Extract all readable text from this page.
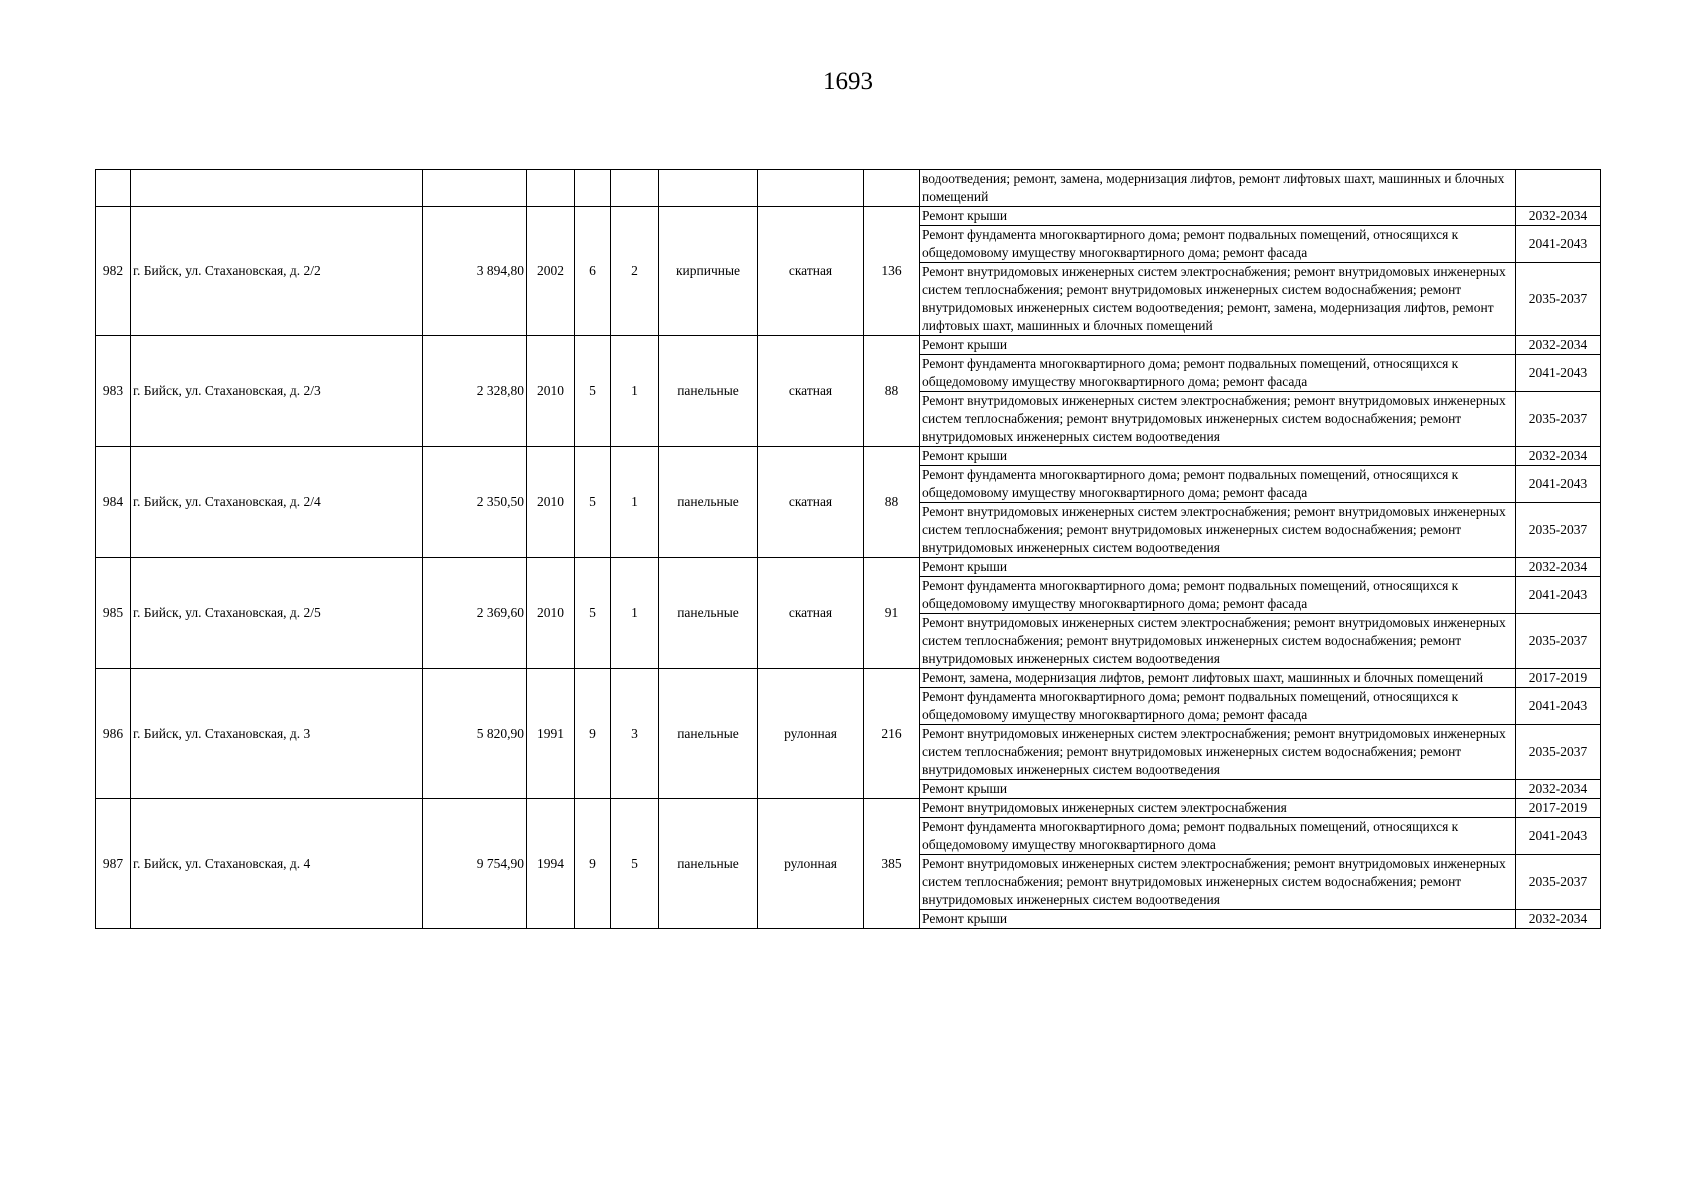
1693
									водоотведения; ремонт, замена, модернизация лифтов, ремонт лифтовых шахт, машинных и блочных помещений	
982	г. Бийск, ул. Стахановская, д. 2/2	3 894,80	2002	6	2	кирпичные	скатная	136	Ремонт крыши	2032-2034
									Ремонт фундамента многоквартирного дома; ремонт подвальных помещений, относящихся к общедомовому имуществу многоквартирного дома; ремонт фасада	2041-2043
									Ремонт внутридомовых инженерных систем электроснабжения; ремонт внутридомовых инженерных систем теплоснабжения; ремонт внутридомовых инженерных систем водоснабжения; ремонт внутридомовых инженерных систем водоотведения; ремонт, замена, модернизация лифтов, ремонт лифтовых шахт, машинных и блочных помещений	2035-2037
983	г. Бийск, ул. Стахановская, д. 2/3	2 328,80	2010	5	1	панельные	скатная	88	Ремонт крыши	2032-2034
									Ремонт фундамента многоквартирного дома; ремонт подвальных помещений, относящихся к общедомовому имуществу многоквартирного дома; ремонт фасада	2041-2043
									Ремонт внутридомовых инженерных систем электроснабжения; ремонт внутридомовых инженерных систем теплоснабжения; ремонт внутридомовых инженерных систем водоснабжения; ремонт внутридомовых инженерных систем водоотведения	2035-2037
984	г. Бийск, ул. Стахановская, д. 2/4	2 350,50	2010	5	1	панельные	скатная	88	Ремонт крыши	2032-2034
									Ремонт фундамента многоквартирного дома; ремонт подвальных помещений, относящихся к общедомовому имуществу многоквартирного дома; ремонт фасада	2041-2043
									Ремонт внутридомовых инженерных систем электроснабжения; ремонт внутридомовых инженерных систем теплоснабжения; ремонт внутридомовых инженерных систем водоснабжения; ремонт внутридомовых инженерных систем водоотведения	2035-2037
985	г. Бийск, ул. Стахановская, д. 2/5	2 369,60	2010	5	1	панельные	скатная	91	Ремонт крыши	2032-2034
									Ремонт фундамента многоквартирного дома; ремонт подвальных помещений, относящихся к общедомовому имуществу многоквартирного дома; ремонт фасада	2041-2043
									Ремонт внутридомовых инженерных систем электроснабжения; ремонт внутридомовых инженерных систем теплоснабжения; ремонт внутридомовых инженерных систем водоснабжения; ремонт внутридомовых инженерных систем водоотведения	2035-2037
986	г. Бийск, ул. Стахановская, д. 3	5 820,90	1991	9	3	панельные	рулонная	216	Ремонт, замена, модернизация лифтов, ремонт лифтовых шахт, машинных и блочных помещений	2017-2019
									Ремонт фундамента многоквартирного дома; ремонт подвальных помещений, относящихся к общедомовому имуществу многоквартирного дома; ремонт фасада	2041-2043
									Ремонт внутридомовых инженерных систем электроснабжения; ремонт внутридомовых инженерных систем теплоснабжения; ремонт внутридомовых инженерных систем водоснабжения; ремонт внутридомовых инженерных систем водоотведения	2035-2037
									Ремонт крыши	2032-2034
987	г. Бийск, ул. Стахановская, д. 4	9 754,90	1994	9	5	панельные	рулонная	385	Ремонт внутридомовых инженерных систем электроснабжения	2017-2019
									Ремонт фундамента многоквартирного дома; ремонт подвальных помещений, относящихся к общедомовому имуществу многоквартирного дома	2041-2043
									Ремонт внутридомовых инженерных систем электроснабжения; ремонт внутридомовых инженерных систем теплоснабжения; ремонт внутридомовых инженерных систем водоснабжения; ремонт внутридомовых инженерных систем водоотведения	2035-2037
									Ремонт крыши	2032-2034
